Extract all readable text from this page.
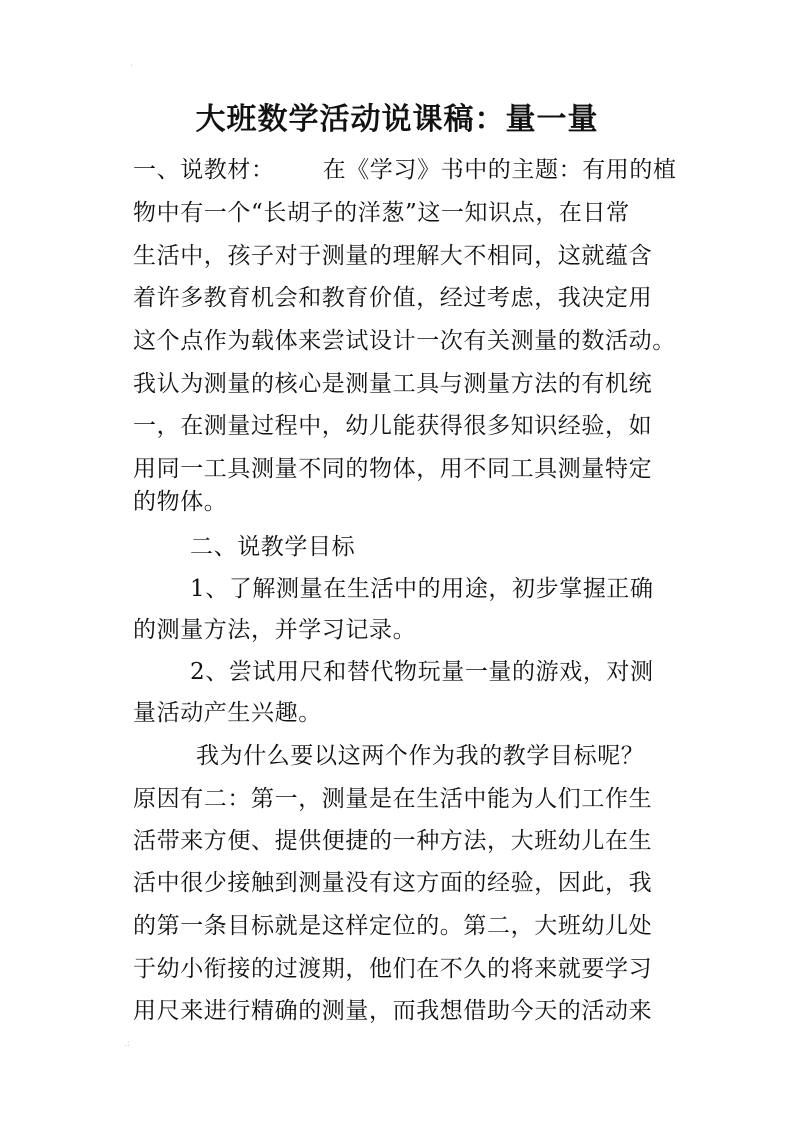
·
.:
大班数学活动说课稿：量一量

一、说教材： 在《学习》书中的主题：有用的植

物中有一个“长胡子的洋葱”这一知识点，在日常

生活中，孩子对于测量的理解大不相同，这就蕴含

着许多教育机会和教育价值，经过考虑，我决定用

这个点作为载体来尝试设计一次有关测量的数活动。

我认为测量的核心是测量工具与测量方法的有机统

一，在测量过程中，幼儿能获得很多知识经验，如

用同一工具测量不同的物体，用不同工具测量特定

的物体。

二、说教学目标

1、了解测量在生活中的用途，初步掌握正确

的测量方法，并学习记录。

2、尝试用尺和替代物玩量一量的游戏，对测

量活动产生兴趣。

我为什么要以这两个作为我的教学目标呢？

原因有二：第一，测量是在生活中能为人们工作生

活带来方便、提供便捷的一种方法，大班幼儿在生

活中很少接触到测量没有这方面的经验，因此，我

的第一条目标就是这样定位的。第二，大班幼儿处

于幼小衔接的过渡期，他们在不久的将来就要学习

用尺来进行精确的测量，而我想借助今天的活动来
